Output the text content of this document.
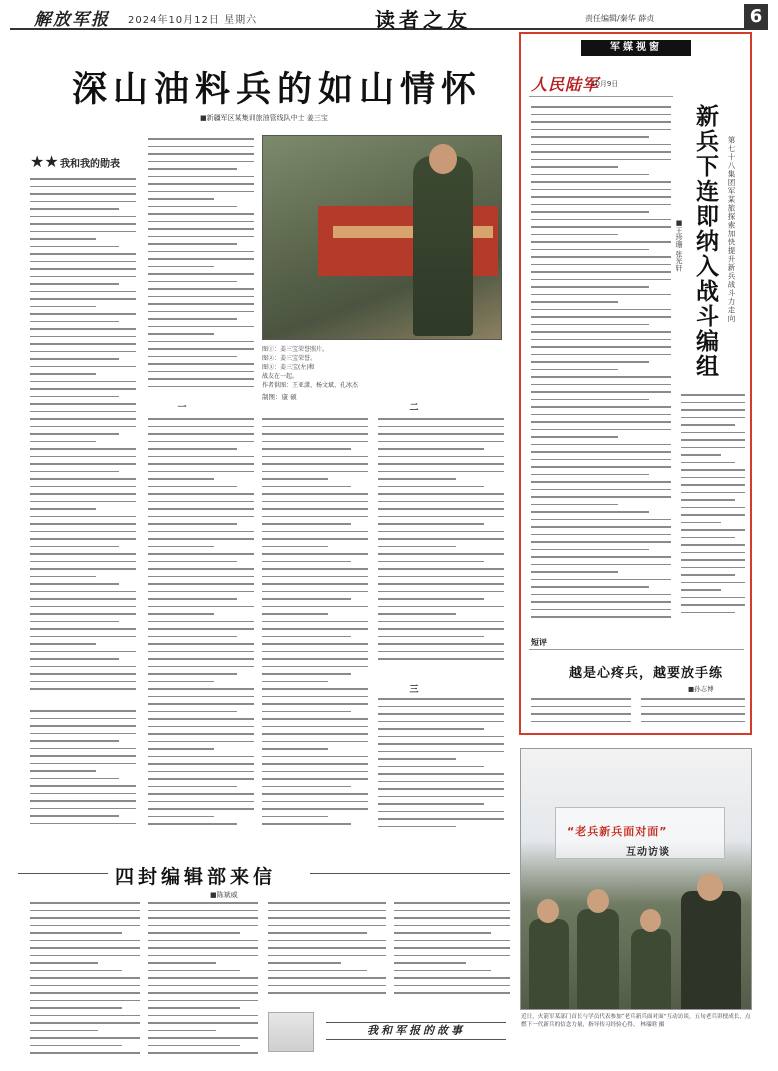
解放军报 2024年10月12日 星期六	读者之友	责任编辑/秦华 薛贞	6
深山油料兵的如山情怀
■新疆军区某集训旅油管线队中士 姜三宝
★★ 我和我的勋表
一	二
三
图①：姜三宝荣誉照片。
图②：姜三宝荣誉。
图③：姜三宝(左)和
战友在一起。
作者供图：王亚潇、杨文斌、孔冰杰
制图：康 硕
军媒视窗
人民陆军
10月9日
新兵下连即纳入战斗编组	第七十八集团军某旅探索加快提升新兵战斗力走向
■王珍珊 张光轩
短评
越是心疼兵，越要放手练
■孙志博
四封编辑部来信
■陈斌威
我和军报的故事
“老兵新兵面对面”
互动访谈
近日，火箭军某部门首长与学员代表参加“老兵新兵面对面”互动访谈，五旬老兵讲授成长，点燃下一代新兵的信念力量，指导传习经验心得。 林瑞晗 摄
